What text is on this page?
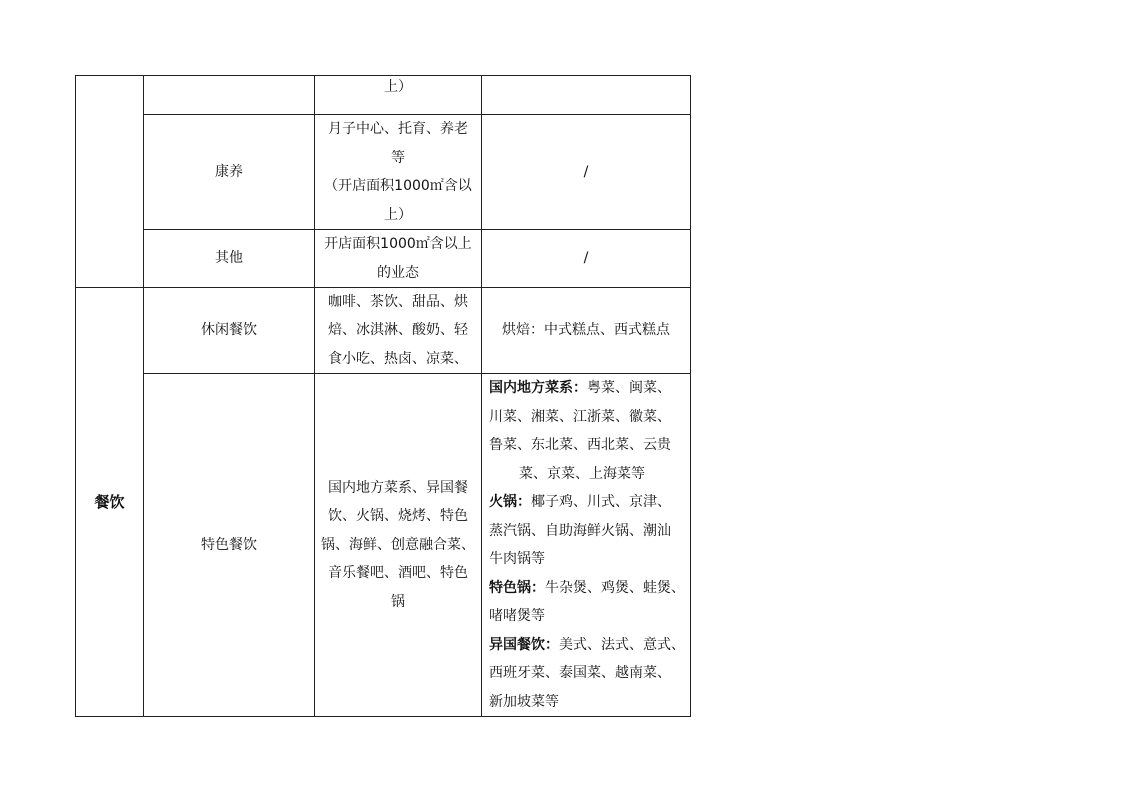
上）
康养
月子中心、托育、养老
等
（开店面积1000㎡含以
上）
/
其他
开店面积1000㎡含以上
的业态
/
餐饮
休闲餐饮
咖啡、茶饮、甜品、烘
焙、冰淇淋、酸奶、轻
食小吃、热卤、凉菜、
烘焙：中式糕点、西式糕点
特色餐饮
国内地方菜系、异国餐
饮、火锅、烧烤、特色
锅、海鲜、创意融合菜、
音乐餐吧、酒吧、特色
锅
国内地方菜系：粤菜、闽菜、
川菜、湘菜、江浙菜、徽菜、
鲁菜、东北菜、西北菜、云贵
菜、京菜、上海菜等
火锅：椰子鸡、川式、京津、
蒸汽锅、自助海鲜火锅、潮汕
牛肉锅等
特色锅：牛杂煲、鸡煲、蛙煲、
啫啫煲等
异国餐饮：美式、法式、意式、
西班牙菜、泰国菜、越南菜、
新加坡菜等
